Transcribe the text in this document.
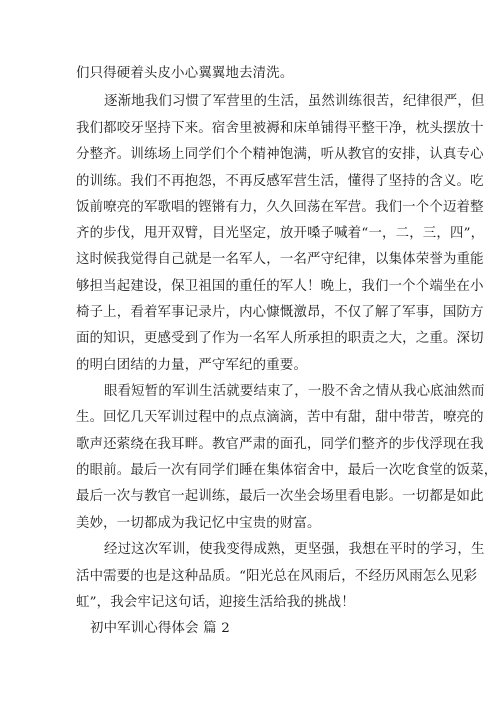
们只得硬着头皮小心翼翼地去清洗。
逐渐地我们习惯了军营里的生活，虽然训练很苦，纪律很严，但
我们都咬牙坚持下来。宿舍里被褥和床单铺得平整干净，枕头摆放十
分整齐。训练场上同学们个个精神饱满，听从教官的安排，认真专心
的训练。我们不再抱怨，不再反感军营生活，懂得了坚持的含义。吃
饭前嘹亮的军歌唱的铿锵有力，久久回荡在军营。我们一个个迈着整
齐的步伐，甩开双臂，目光坚定，放开嗓子喊着“一，二，三，四”，
这时候我觉得自己就是一名军人，一名严守纪律，以集体荣誉为重能
够担当起建设，保卫祖国的重任的军人！晚上，我们一个个端坐在小
椅子上，看着军事记录片，内心慷慨激昂，不仅了解了军事，国防方
面的知识，更感受到了作为一名军人所承担的职责之大，之重。深切
的明白团结的力量，严守军纪的重要。
眼看短暂的军训生活就要结束了，一股不舍之情从我心底油然而
生。回忆几天军训过程中的点点滴滴，苦中有甜，甜中带苦，嘹亮的
歌声还萦绕在我耳畔。教官严肃的面孔，同学们整齐的步伐浮现在我
的眼前。最后一次有同学们睡在集体宿舍中，最后一次吃食堂的饭菜，
最后一次与教官一起训练，最后一次坐会场里看电影。一切都是如此
美妙，一切都成为我记忆中宝贵的财富。
经过这次军训，使我变得成熟，更坚强，我想在平时的学习，生
活中需要的也是这种品质。“阳光总在风雨后，不经历风雨怎么见彩
虹”，我会牢记这句话，迎接生活给我的挑战！
初中军训心得体会 篇 2
